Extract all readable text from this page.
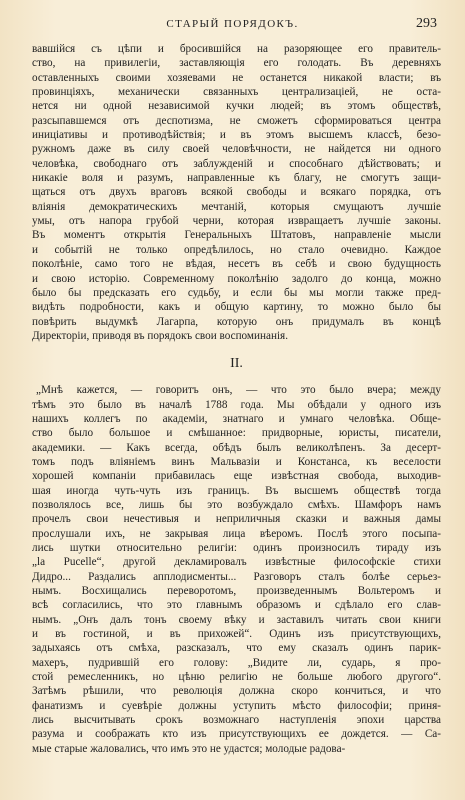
СТАРЫЙ ПОРЯДОКЪ.	293
вавшійся съ цѣпи и бросившійся на разоряющее его правитель-
ство, на привилегіи, заставляющія его голодать. Въ деревняхъ
оставленныхъ своими хозяевами не останется никакой власти; въ
провинціяхъ, механически связанныхъ централизаціей, не оста-
нется ни одной независимой кучки людей; въ этомъ обществѣ,
разсыпавшемся отъ деспотизма, не сможетъ сформироваться центра
иниціативы и противодѣйствія; и въ этомъ высшемъ классѣ, безо-
ружномъ даже въ силу своей человѣчности, не найдется ни одного
человѣка, свободнаго отъ заблужденій и способнаго дѣйствовать; и
никакіе воля и разумъ, направленные къ благу, не смогутъ защи-
щаться отъ двухъ враговъ всякой свободы и всякаго порядка, отъ
вліянія демократическихъ мечтаній, которыя смущаютъ лучшіе
умы, отъ напора грубой черни, которая извращаетъ лучшіе законы.
Въ моментъ открытія Генеральныхъ Штатовъ, направленіе мысли
и событій не только опредѣлилось, но стало очевидно. Каждое
поколѣніе, само того не вѣдая, несетъ въ себѣ и свою будущность
и свою исторію. Современному поколѣнію задолго до конца, можно
было бы предсказать его судьбу, и если бы мы могли также пред-
видѣть подробности, какъ и общую картину, то можно было бы
повѣрить выдумкѣ Лагарпа, которую онъ придумалъ въ концѣ
Директоріи, приводя въ порядокъ свои воспоминанія.
II.
„Мнѣ кажется, — говоритъ онъ, — что это было вчера; между
тѣмъ это было въ началѣ 1788 года. Мы обѣдали у одного изъ
нашихъ коллегъ по академіи, знатнаго и умнаго человѣка. Обще-
ство было большое и смѣшанное: придворные, юристы, писатели,
академики. — Какъ всегда, обѣдъ былъ великолѣпенъ. За десерт-
томъ подъ вліяніемъ винъ Мальвазіи и Констанса, къ веселости
хорошей компаніи прибавилась еще извѣстная свобода, выходив-
шая иногда чуть-чуть изъ границъ. Въ высшемъ обществѣ тогда
позволялось все, лишь бы это возбуждало смѣхъ. Шамфоръ намъ
прочелъ свои нечестивыя и неприличныя сказки и важныя дамы
прослушали ихъ, не закрывая лица вѣеромъ. Послѣ этого посыпа-
лись шутки относительно религіи: одинъ произносилъ тираду изъ
„la Pucelle“, другой декламировалъ извѣстные философскіе стихи
Дидро... Раздались апплодисменты... Разговоръ сталъ болѣе серьез-
нымъ. Восхищались переворотомъ, произведеннымъ Вольтеромъ и
всѣ согласились, что это главнымъ образомъ и сдѣлало его слав-
нымъ. „Онъ далъ тонъ своему вѣку и заставилъ читать свои книги
и въ гостиной, и въ прихожей“. Одинъ изъ присутствующихъ,
задыхаясь отъ смѣха, разсказалъ, что ему сказалъ одинъ парик-
махеръ, пудрившій его голову: „Видите ли, сударь, я про-
стой ремесленникъ, но цѣню религію не больше любого другого“.
Затѣмъ рѣшили, что революція должна скоро кончиться, и что
фанатизмъ и суевѣріе должны уступить мѣсто философіи; приня-
лись высчитывать срокъ возможнаго наступленія эпохи царства
разума и соображать кто изъ присутствующихъ ее дождется. — Са-
мые старые жаловались, что имъ это не удастся; молодые радова-
